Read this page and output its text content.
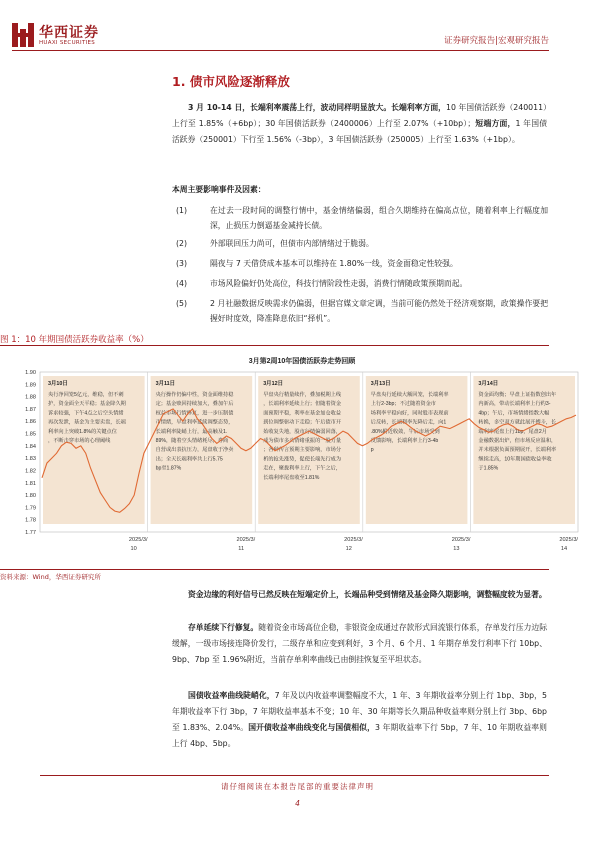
华西证券
HUAXI SECURITIES	证券研究报告|宏观研究报告
1. 债市风险逐渐释放
3 月 10-14 日，长端利率震荡上行，波动同样明显放大。长端利率方面，10 年国债活跃券（240011）上行至 1.85%（+6bp）；30 年国债活跃券（2400006）上行至 2.07%（+10bp）；短端方面，1 年国债活跃券（250001）下行至 1.56%（-3bp），3 年国债活跃券（250005）上行至 1.63%（+1bp）。
本周主要影响事件及因素：
(1)	在过去一段时间的调整行情中，基金情绪偏弱，组合久期维持在偏高点位，随着利率上行幅度加深，止损压力倒逼基金减持长债。
(2)	外部联回压力尚可，但债市内部情绪过于脆弱。
(3)	隔夜与 7 天借贷成本基本可以维持在 1.80%一线，资金面稳定性较强。
(4)	市场风险偏好仍处高位，科技行情阶段性走弱，消费行情随政策预期而起。
(5)	2 月社融数据反映需求仍偏弱，但据官媒文章定调，当前可能仍然处于经济观察期，政策操作要把握好时度效，降准降息依旧“择机”。
图 1：10 年期国债活跃券收益率（%）
3月第2周10年国债活跃券走势回顾
1.77
1.78
1.79
1.80
1.81
1.82
1.83
1.84
1.85
1.86
1.87
1.88
1.89
1.90
3月10日
央行净回笼5亿元，维稳，但不刺
护，资金面全天平稳；基金降久期
诉求较强，下午4点之后空头情绪
再次发泄，基金为主要卖盘，长端
利率向上突破1.8%的关键点位
，不断击穿市场的心理阈线
2025/3/
10
3月11日
央行操作仍偏中性，资金面维持稳
定；基金赎回持续加大，叠加午后
权益市场行情修复，进一步压制债
市情绪，早盘利率延续调整态势，
长端利率陡峭上行，最高触及1.
89%，随着空头情绪耗尽，券商
自营或出表抗压力，尾盘收于净卖
出；全天长端利率共上行5.75
bp至1.87%
2025/3/
11
3月12日
早盘央行精量续作，叠加税期上线
，长端利率延续上行；但随着资金
面预期平稳，利率在基金加仓收益
到位调整驱动下走稳；午后债市开
始收复失地，股市行情偏弱回落，
成为债市多头情绪重振的一股力量
；各种传言预期主要影响，市场分
析的抢先涨势，促使长端先行成为
走在，聚拢利率上行，下午之后，
长端利率尾盘收至1.81%
2025/3/
12
3月13日
早盘央行延续大额回笼，长端利率
上行2-3bp；不过随着资金市
场利率平稳向好，同时股市表现前
后反转，长端利率先降后走，向1
.80%附近收敛，午后市场受到
反馈影响，长端利率上行3-4b
p
2025/3/
13
3月14日
资金面均衡；早盘上证指数创出年
内新高，带动长端利率上行约3-
4bp；午后，市场情绪指数大幅
转换，多空双方就此展开搏斗，长
端利率尾盘上行1bp，尾盘2月
金融数据出炉，但市场反应温和，
并未根据负面预期展开，长端利率
继续走高，10年期国债收益率收
于1.85%
2025/3/
14
资料来源：Wind，华西证券研究所
资金边缘的利好信号已然反映在短端定价上，长端品种受到情绪及基金降久期影响，调整幅度较为显著。
存单延续下行修复。随着资金市场高位企稳，非银资金成通过存款形式回流银行体系，存单发行压力边际缓解，一级市场接连降价发行，二级存单和应变到利好，3 个月、6 个月、1 年期存单发行利率下行 10bp、9bp、7bp 至 1.96%附近，当前存单利率曲线已由倒挂恢复至平坦状态。
国债收益率曲线陡峭化，7 年及以内收益率调整幅度不大，1 年、3 年期收益率分别上行 1bp、3bp，5 年期收益率下行 3bp，7 年期收益率基本不变；10 年、30 年期等长久期品种收益率则分别上行 3bp、6bp 至 1.83%、2.04%。国开债收益率曲线变化与国债相似，3 年期收益率下行 5bp，7 年、10 年期收益率则上行 4bp、5bp。
请仔细阅读在本报告尾部的重要法律声明
4
